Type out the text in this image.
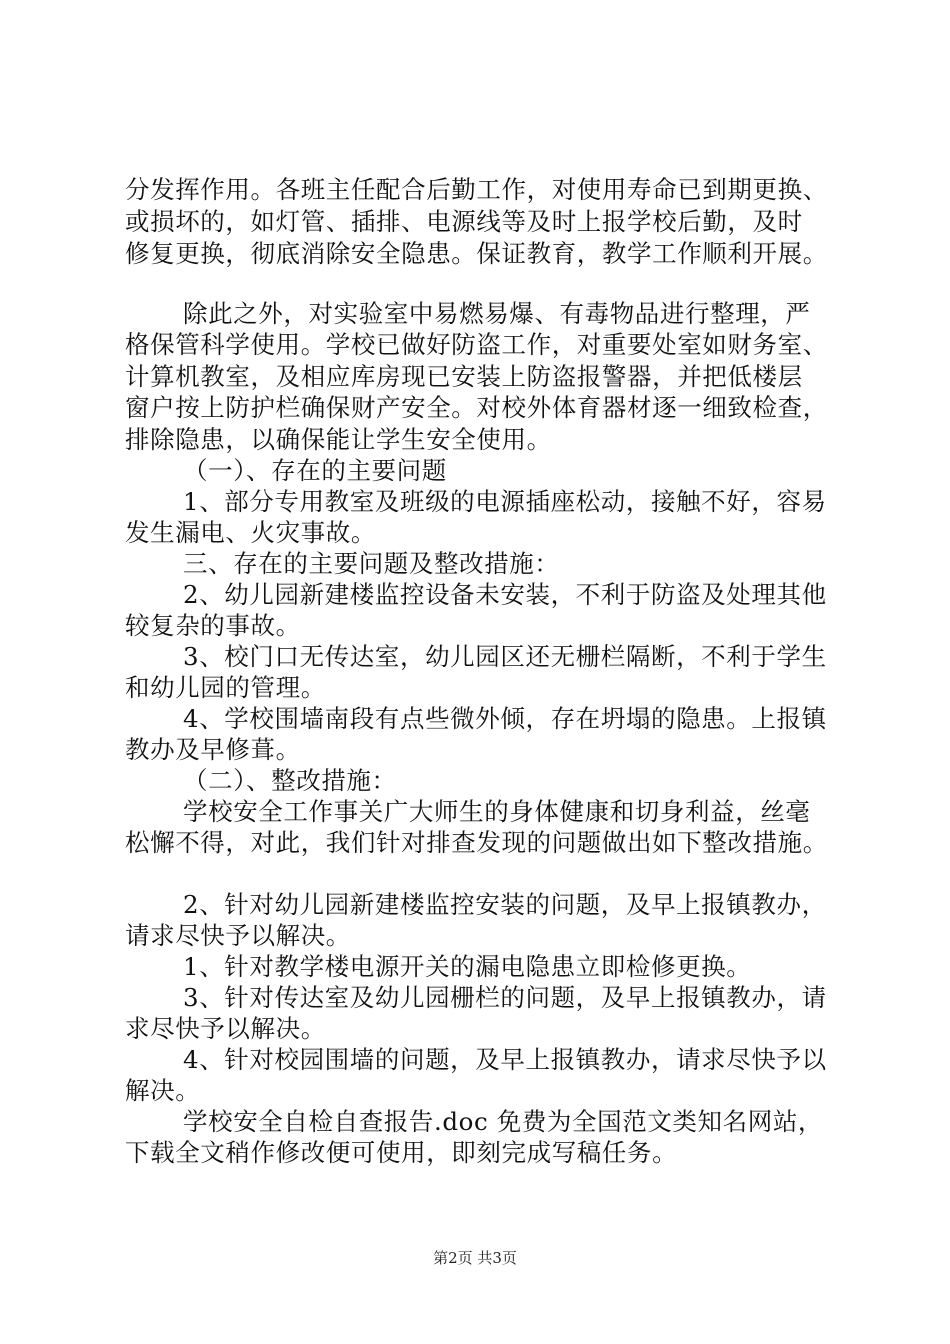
分发挥作用。各班主任配合后勤工作，对使用寿命已到期更换、
或损坏的，如灯管、插排、电源线等及时上报学校后勤，及时
修复更换，彻底消除安全隐患。保证教育，教学工作顺利开展。
除此之外，对实验室中易燃易爆、有毒物品进行整理，严
格保管科学使用。学校已做好防盗工作，对重要处室如财务室、
计算机教室，及相应库房现已安装上防盗报警器，并把低楼层
窗户按上防护栏确保财产安全。对校外体育器材逐一细致检查，
排除隐患，以确保能让学生安全使用。
（一）、存在的主要问题
1、部分专用教室及班级的电源插座松动，接触不好，容易
发生漏电、火灾事故。
三、存在的主要问题及整改措施：
2、幼儿园新建楼监控设备未安装，不利于防盗及处理其他
较复杂的事故。
3、校门口无传达室，幼儿园区还无栅栏隔断，不利于学生
和幼儿园的管理。
4、学校围墙南段有点些微外倾，存在坍塌的隐患。上报镇
教办及早修葺。
（二）、整改措施：
学校安全工作事关广大师生的身体健康和切身利益，丝毫
松懈不得，对此，我们针对排查发现的问题做出如下整改措施。
2、针对幼儿园新建楼监控安装的问题，及早上报镇教办，
请求尽快予以解决。
1、针对教学楼电源开关的漏电隐患立即检修更换。
3、针对传达室及幼儿园栅栏的问题，及早上报镇教办，请
求尽快予以解决。
4、针对校园围墙的问题，及早上报镇教办，请求尽快予以
解决。
学校安全自检自查报告.doc 免费为全国范文类知名网站，
下载全文稍作修改便可使用，即刻完成写稿任务。
第2页 共3页
